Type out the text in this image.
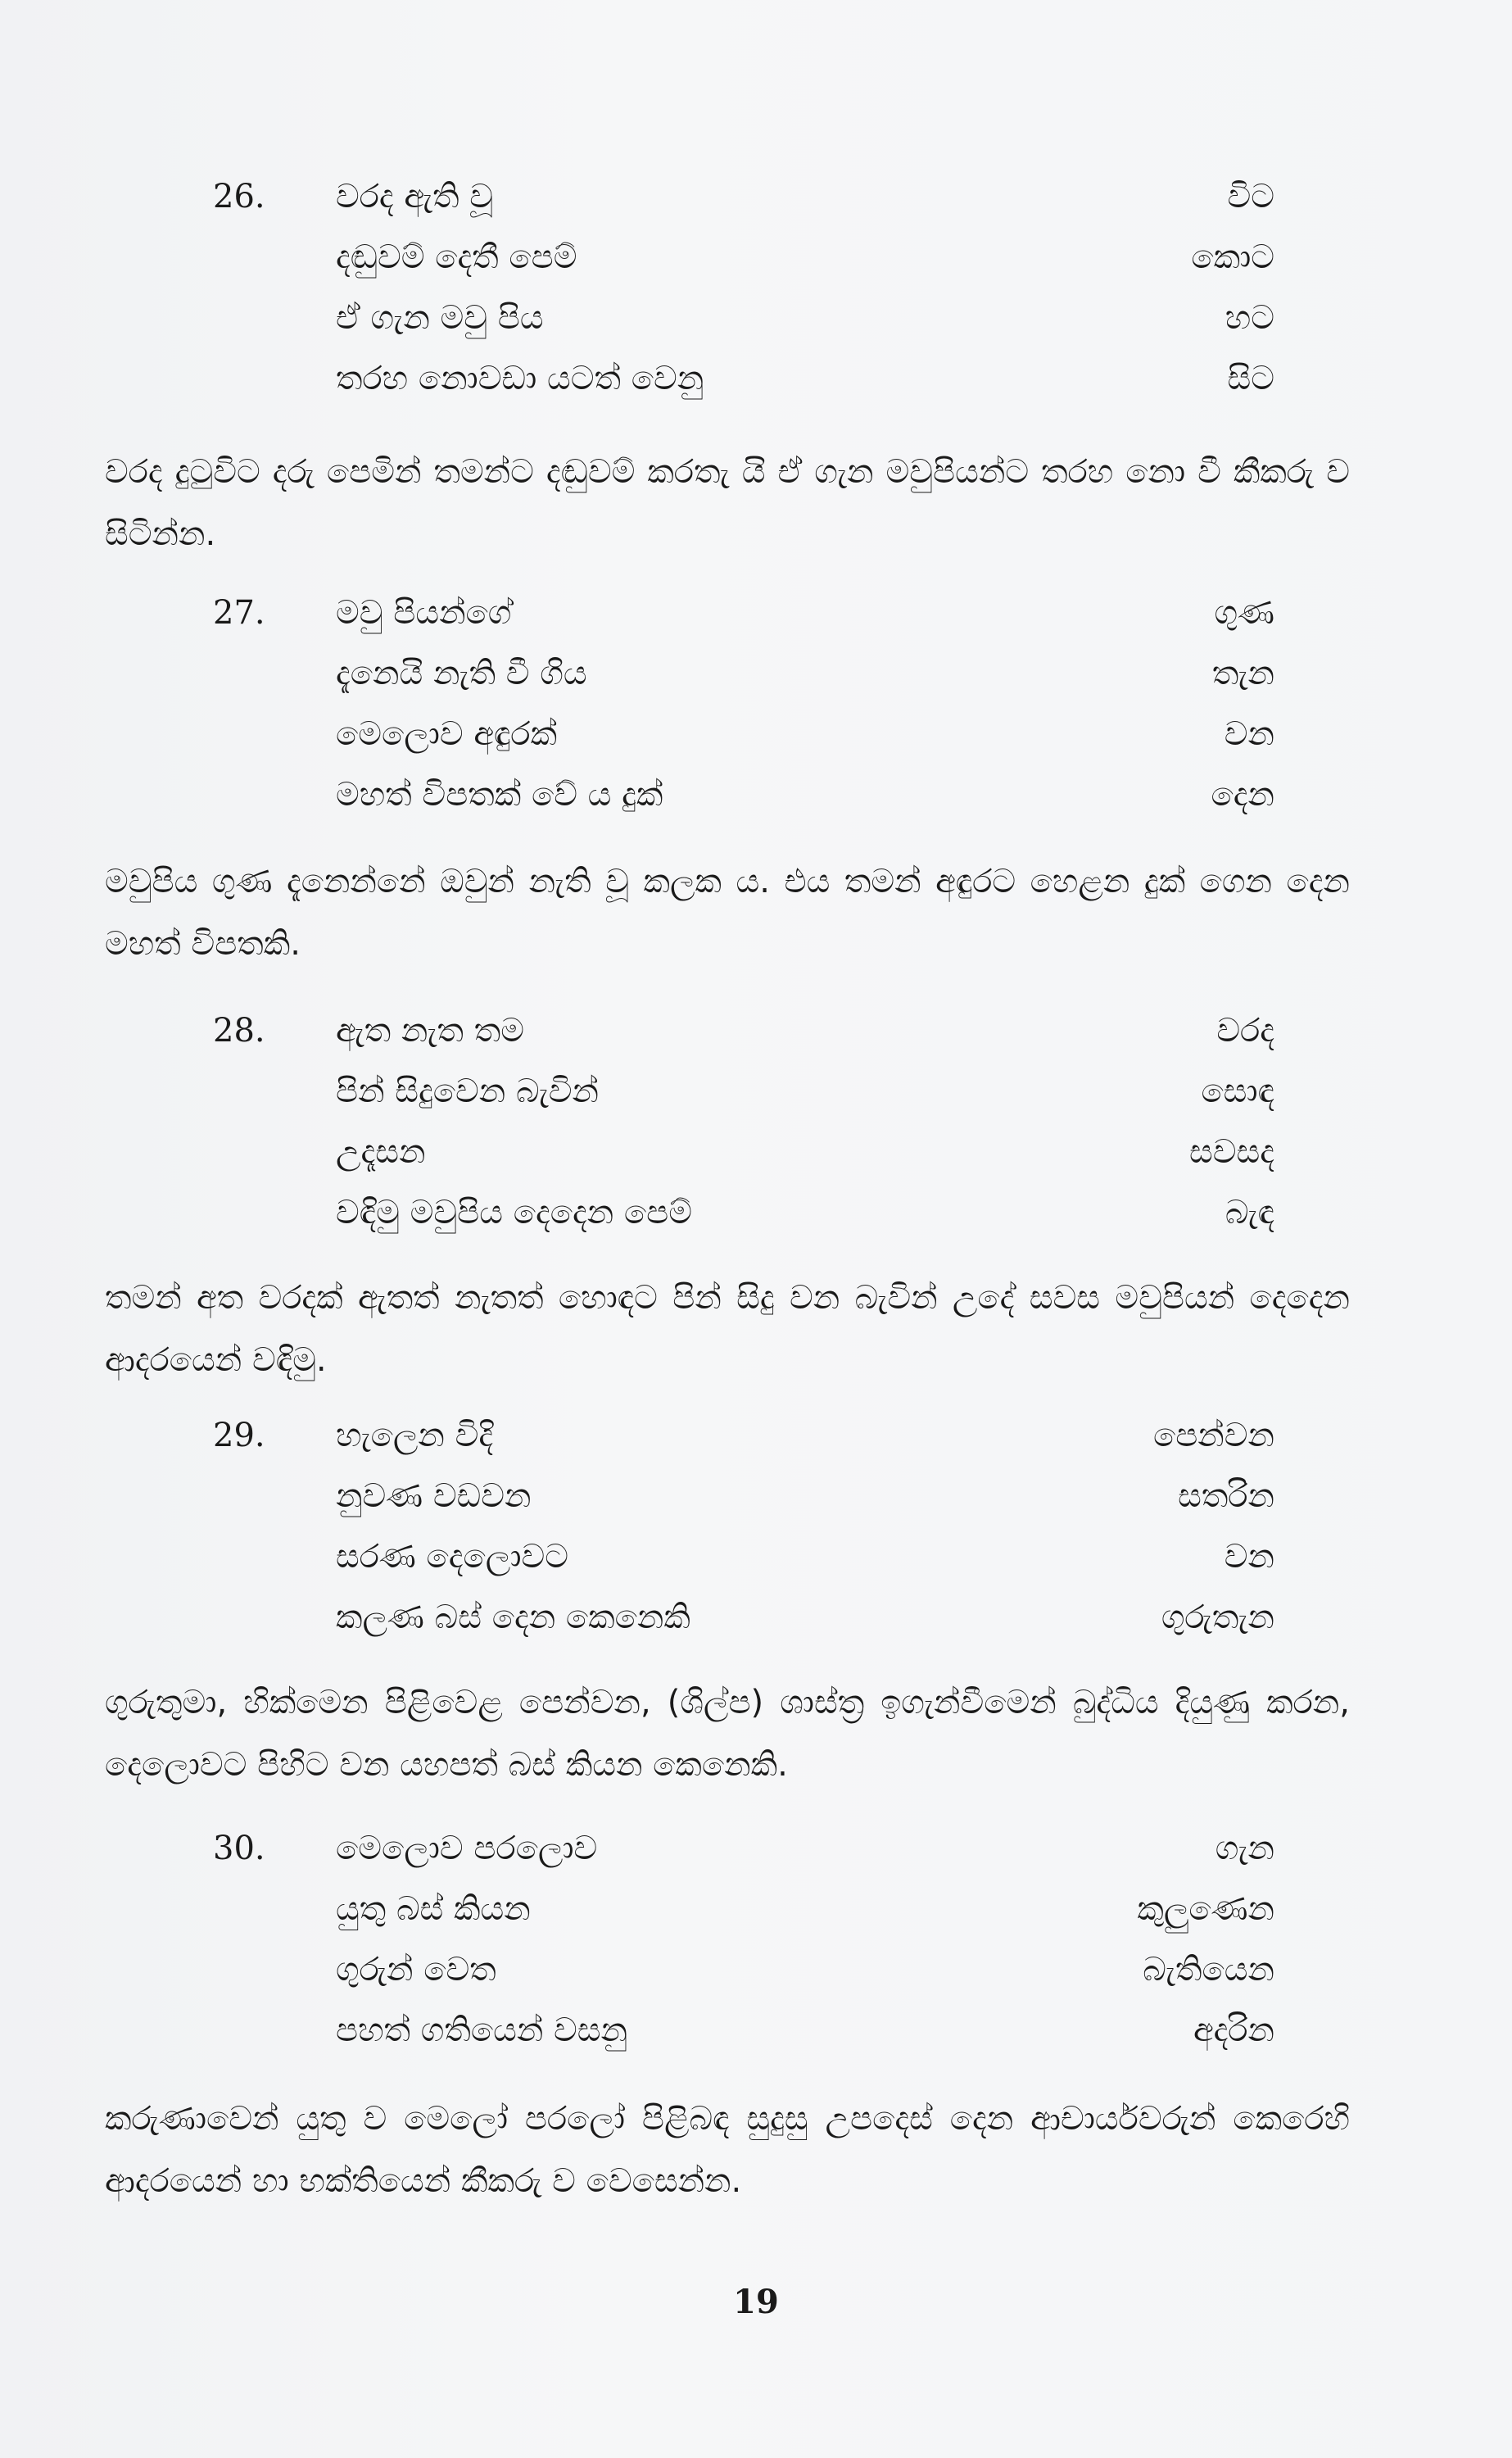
26. වරද ඇති වූ	විට
දඬුවම් දෙතී පෙම්	කොට
ඒ ගැන මවු පිය	හට
තරහ නොවඩා යටත් වෙනු	සිට
වරද දුටුවිට දරු පෙමින් තමන්ට දඬුවම් කරතැ යි ඒ ගැන මවුපියන්ට තරහ නො වී කීකරු ව සිටින්න.
27. මවු පියන්ගේ	ගුණ
දැනෙයි නැති වී ගිය	තැන
මෙලොව අඳුරක්	වන
මහත් විපතක් වේ ය දුක්	දෙන
මවුපිය ගුණ දැනෙන්නේ ඔවුන් නැති වූ කලක ය. එය තමන් අඳුරට හෙළන දුක් ගෙන දෙන මහත් විපතකි.
28. ඇත නැත තම	වරද
පින් සිදුවෙන බැවින්	සොඳ
උදෑසන	සවසද
වඳිමු මවුපිය දෙදෙන පෙම්	බැඳ
තමන් අත වරදක් ඇතත් නැතත් හොඳට පින් සිදු වන බැවින් උදේ සවස මවුපියන් දෙදෙන ආදරයෙන් වඳිමු.
29. හැලෙන විදි	පෙන්වන
නුවණ වඩවන	සතරින
සරණ දෙලොවට	වන
කලණ බස් දෙන කෙනෙකි	ගුරුතැන
ගුරුතුමා, හික්මෙන පිළිවෙළ පෙන්වන, (ශිල්ප) ශාස්ත්‍ර ඉගැන්වීමෙන් බුද්ධිය දියුණු කරන, දෙලොවට පිහිට වන යහපත් බස් කියන කෙනෙකි.
30. මෙලොව පරලොව	ගැන
යුතු බස් කියන	කුලුණෙන
ගුරුන් වෙත	බැතියෙන
පහත් ගතියෙන් වසනු	අදරින
කරුණාවෙන් යුතු ව මෙලෝ පරලෝ පිළිබඳ සුදුසු උපදෙස් දෙන ආචාර්යවරුන් කෙරෙහි ආදරයෙන් හා භක්තියෙන් කීකරු ව වෙසෙන්න.
19
